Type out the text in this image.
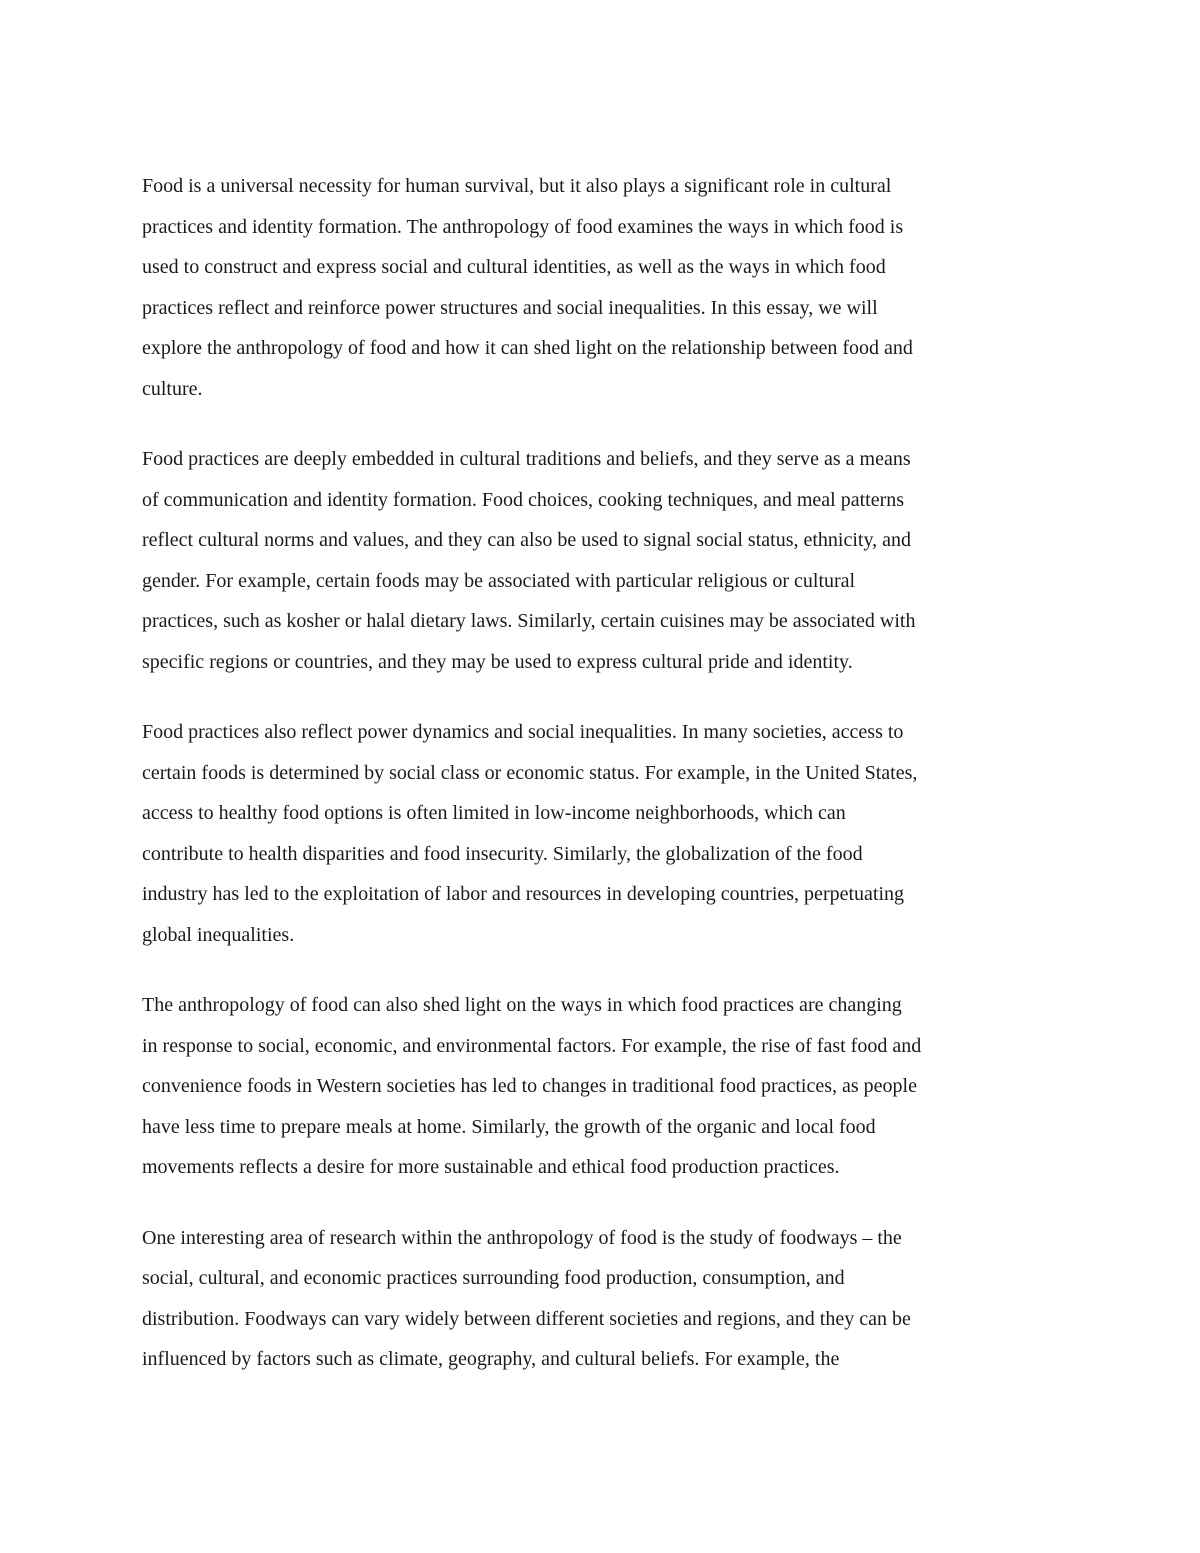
Food is a universal necessity for human survival, but it also plays a significant role in cultural
practices and identity formation. The anthropology of food examines the ways in which food is
used to construct and express social and cultural identities, as well as the ways in which food
practices reflect and reinforce power structures and social inequalities. In this essay, we will
explore the anthropology of food and how it can shed light on the relationship between food and
culture.

Food practices are deeply embedded in cultural traditions and beliefs, and they serve as a means
of communication and identity formation. Food choices, cooking techniques, and meal patterns
reflect cultural norms and values, and they can also be used to signal social status, ethnicity, and
gender. For example, certain foods may be associated with particular religious or cultural
practices, such as kosher or halal dietary laws. Similarly, certain cuisines may be associated with
specific regions or countries, and they may be used to express cultural pride and identity.

Food practices also reflect power dynamics and social inequalities. In many societies, access to
certain foods is determined by social class or economic status. For example, in the United States,
access to healthy food options is often limited in low-income neighborhoods, which can
contribute to health disparities and food insecurity. Similarly, the globalization of the food
industry has led to the exploitation of labor and resources in developing countries, perpetuating
global inequalities.

The anthropology of food can also shed light on the ways in which food practices are changing
in response to social, economic, and environmental factors. For example, the rise of fast food and
convenience foods in Western societies has led to changes in traditional food practices, as people
have less time to prepare meals at home. Similarly, the growth of the organic and local food
movements reflects a desire for more sustainable and ethical food production practices.

One interesting area of research within the anthropology of food is the study of foodways – the
social, cultural, and economic practices surrounding food production, consumption, and
distribution. Foodways can vary widely between different societies and regions, and they can be
influenced by factors such as climate, geography, and cultural beliefs. For example, the
